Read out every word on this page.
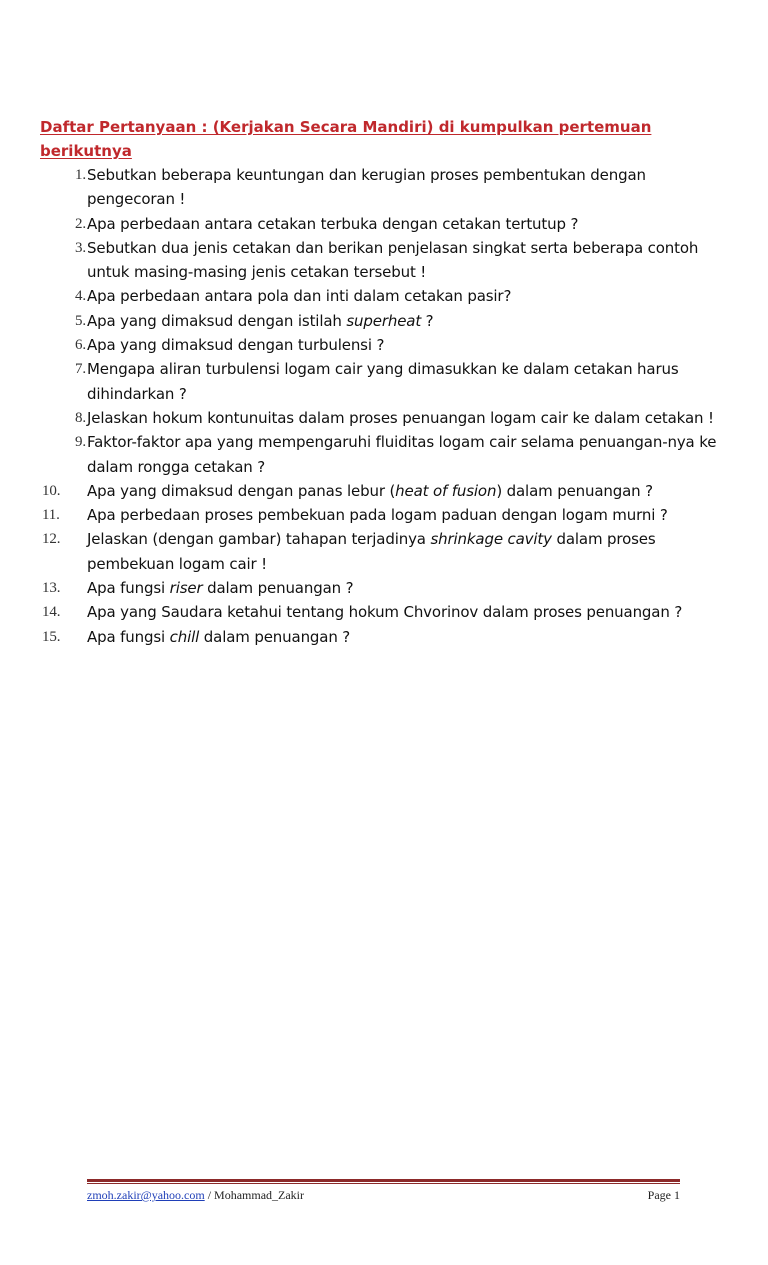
Daftar Pertanyaan : (Kerjakan Secara Mandiri) di kumpulkan pertemuan berikutnya
1. Sebutkan beberapa keuntungan dan kerugian proses pembentukan dengan pengecoran !
2. Apa perbedaan antara cetakan terbuka dengan cetakan tertutup ?
3. Sebutkan dua jenis cetakan dan berikan penjelasan singkat serta beberapa contoh untuk masing-masing jenis cetakan tersebut !
4. Apa perbedaan antara pola dan inti dalam cetakan pasir?
5. Apa yang dimaksud dengan istilah superheat ?
6. Apa yang dimaksud dengan turbulensi ?
7. Mengapa aliran turbulensi logam cair yang dimasukkan ke dalam cetakan harus dihindarkan ?
8. Jelaskan hokum kontunuitas dalam proses penuangan logam cair ke dalam cetakan !
9. Faktor-faktor apa yang mempengaruhi fluiditas logam cair selama penuangan-nya ke dalam rongga cetakan ?
10.	Apa yang dimaksud dengan panas lebur (heat of fusion) dalam penuangan ?
11.	Apa perbedaan proses pembekuan pada logam paduan dengan logam murni ?
12.	Jelaskan (dengan gambar) tahapan terjadinya shrinkage cavity dalam proses pembekuan logam cair !
13.	Apa fungsi riser dalam penuangan ?
14.	Apa yang Saudara ketahui tentang hokum Chvorinov dalam proses penuangan ?
15.	Apa fungsi chill dalam penuangan ?
zmoh.zakir@yahoo.com / Mohammad_Zakir	Page 1
